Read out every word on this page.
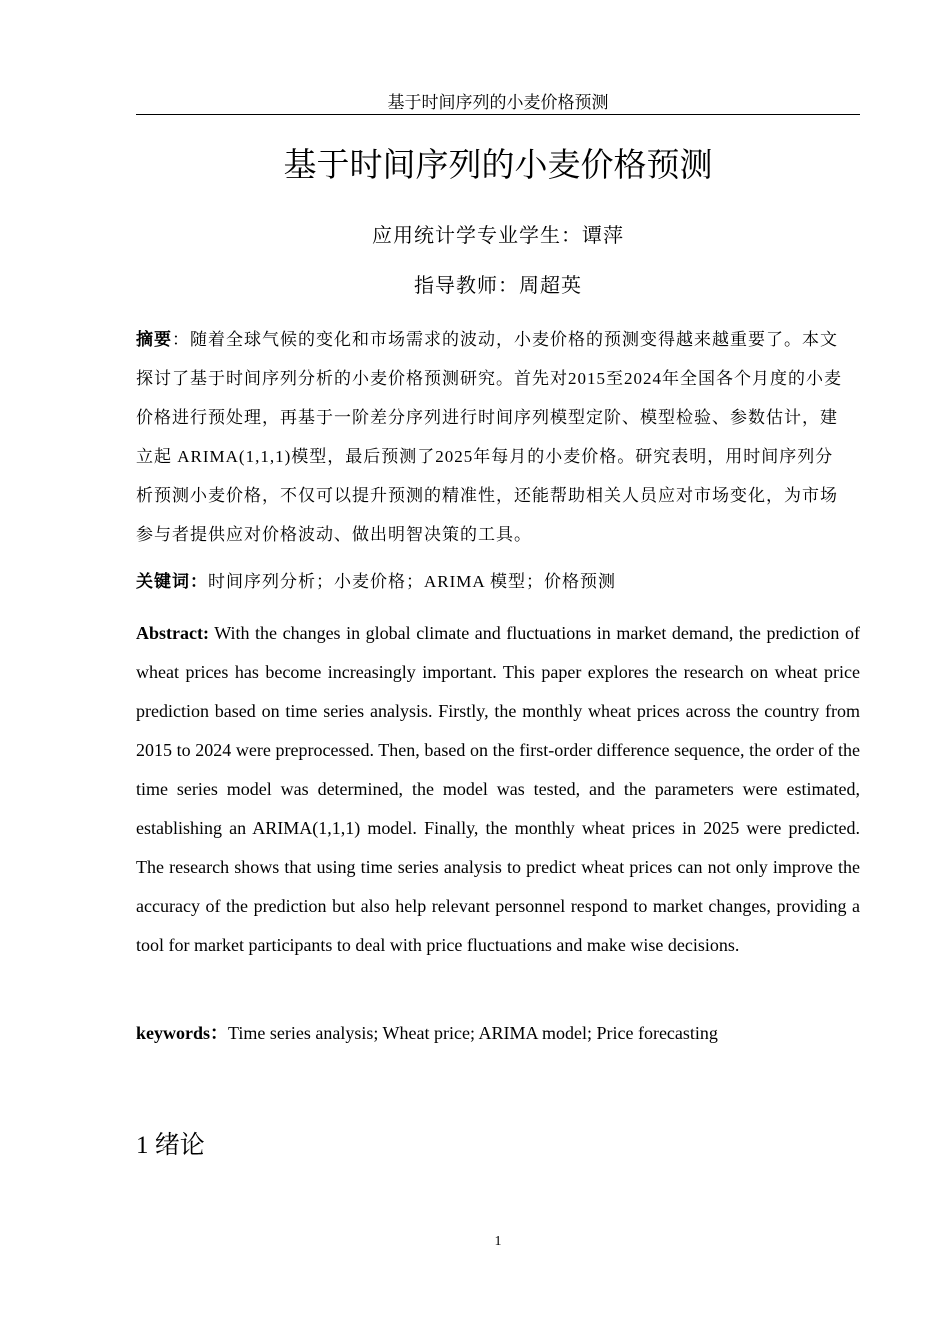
基于时间序列的小麦价格预测
基于时间序列的小麦价格预测
应用统计学专业学生：谭萍
指导教师：周超英
摘要：随着全球气候的变化和市场需求的波动，小麦价格的预测变得越来越重要了。本文探讨了基于时间序列分析的小麦价格预测研究。首先对2015至2024年全国各个月度的小麦价格进行预处理，再基于一阶差分序列进行时间序列模型定阶、模型检验、参数估计，建立起 ARIMA(1,1,1)模型，最后预测了2025年每月的小麦价格。研究表明，用时间序列分析预测小麦价格，不仅可以提升预测的精准性，还能帮助相关人员应对市场变化，为市场参与者提供应对价格波动、做出明智决策的工具。
关键词：时间序列分析；小麦价格；ARIMA 模型；价格预测
Abstract: With the changes in global climate and fluctuations in market demand, the prediction of wheat prices has become increasingly important. This paper explores the research on wheat price prediction based on time series analysis. Firstly, the monthly wheat prices across the country from 2015 to 2024 were preprocessed. Then, based on the first-order difference sequence, the order of the time series model was determined, the model was tested, and the parameters were estimated, establishing an ARIMA(1,1,1) model. Finally, the monthly wheat prices in 2025 were predicted. The research shows that using time series analysis to predict wheat prices can not only improve the accuracy of the prediction but also help relevant personnel respond to market changes, providing a tool for market participants to deal with price fluctuations and make wise decisions.
keywords：Time series analysis; Wheat price; ARIMA model; Price forecasting
1 绪论
1
